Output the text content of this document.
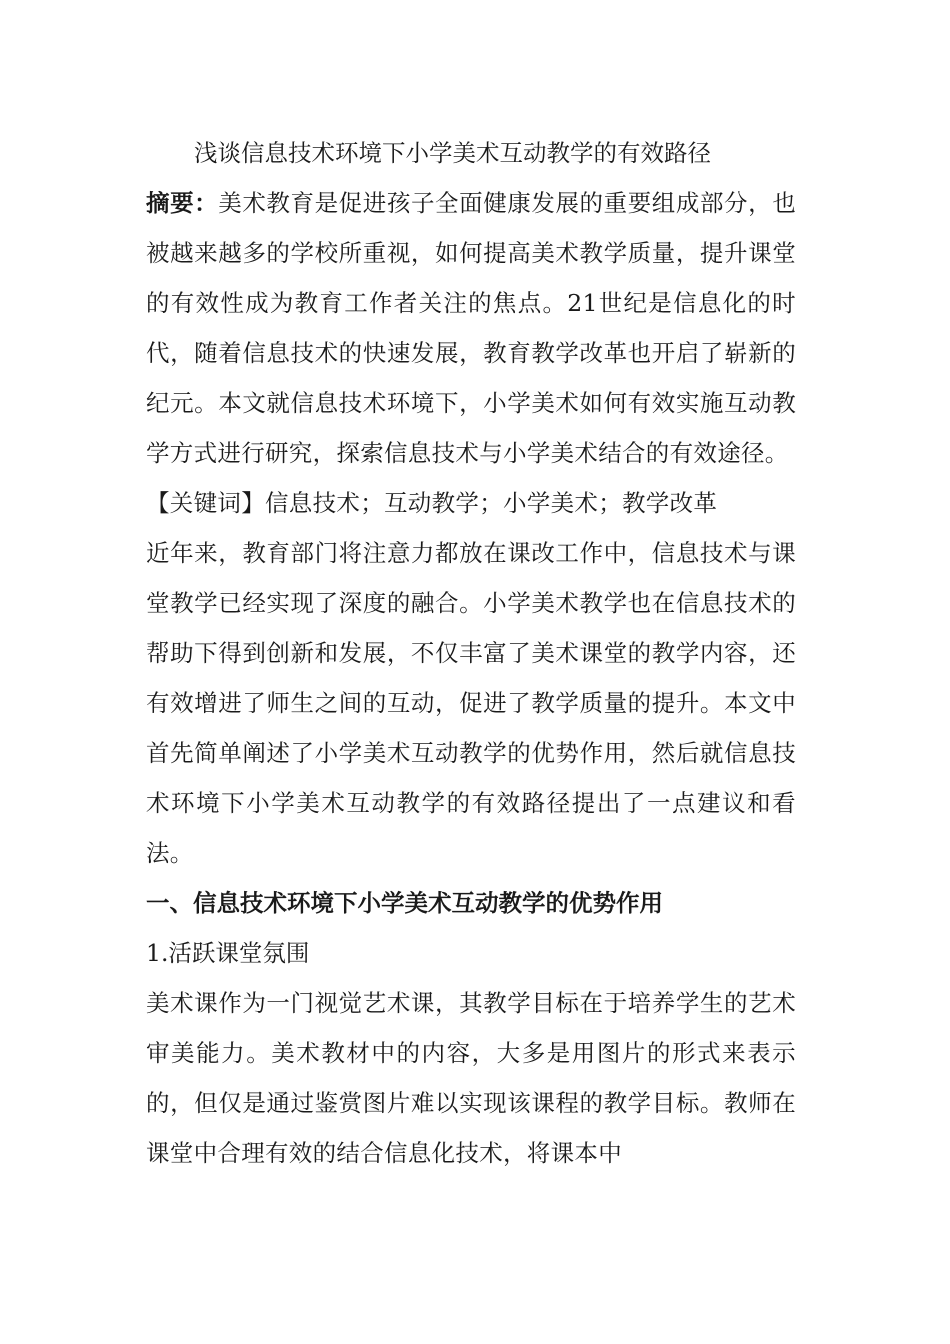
浅谈信息技术环境下小学美术互动教学的有效路径

摘要：美术教育是促进孩子全面健康发展的重要组成部分，也被越来越多的学校所重视，如何提高美术教学质量，提升课堂的有效性成为教育工作者关注的焦点。21世纪是信息化的时代，随着信息技术的快速发展，教育教学改革也开启了崭新的纪元。本文就信息技术环境下，小学美术如何有效实施互动教学方式进行研究，探索信息技术与小学美术结合的有效途径。

【关键词】信息技术；互动教学；小学美术；教学改革

近年来，教育部门将注意力都放在课改工作中，信息技术与课堂教学已经实现了深度的融合。小学美术教学也在信息技术的帮助下得到创新和发展，不仅丰富了美术课堂的教学内容，还有效增进了师生之间的互动，促进了教学质量的提升。本文中首先简单阐述了小学美术互动教学的优势作用，然后就信息技术环境下小学美术互动教学的有效路径提出了一点建议和看法。

一、信息技术环境下小学美术互动教学的优势作用
1.活跃课堂氛围

美术课作为一门视觉艺术课，其教学目标在于培养学生的艺术审美能力。美术教材中的内容，大多是用图片的形式来表示的，但仅是通过鉴赏图片难以实现该课程的教学目标。教师在课堂中合理有效的结合信息化技术，将课本中
